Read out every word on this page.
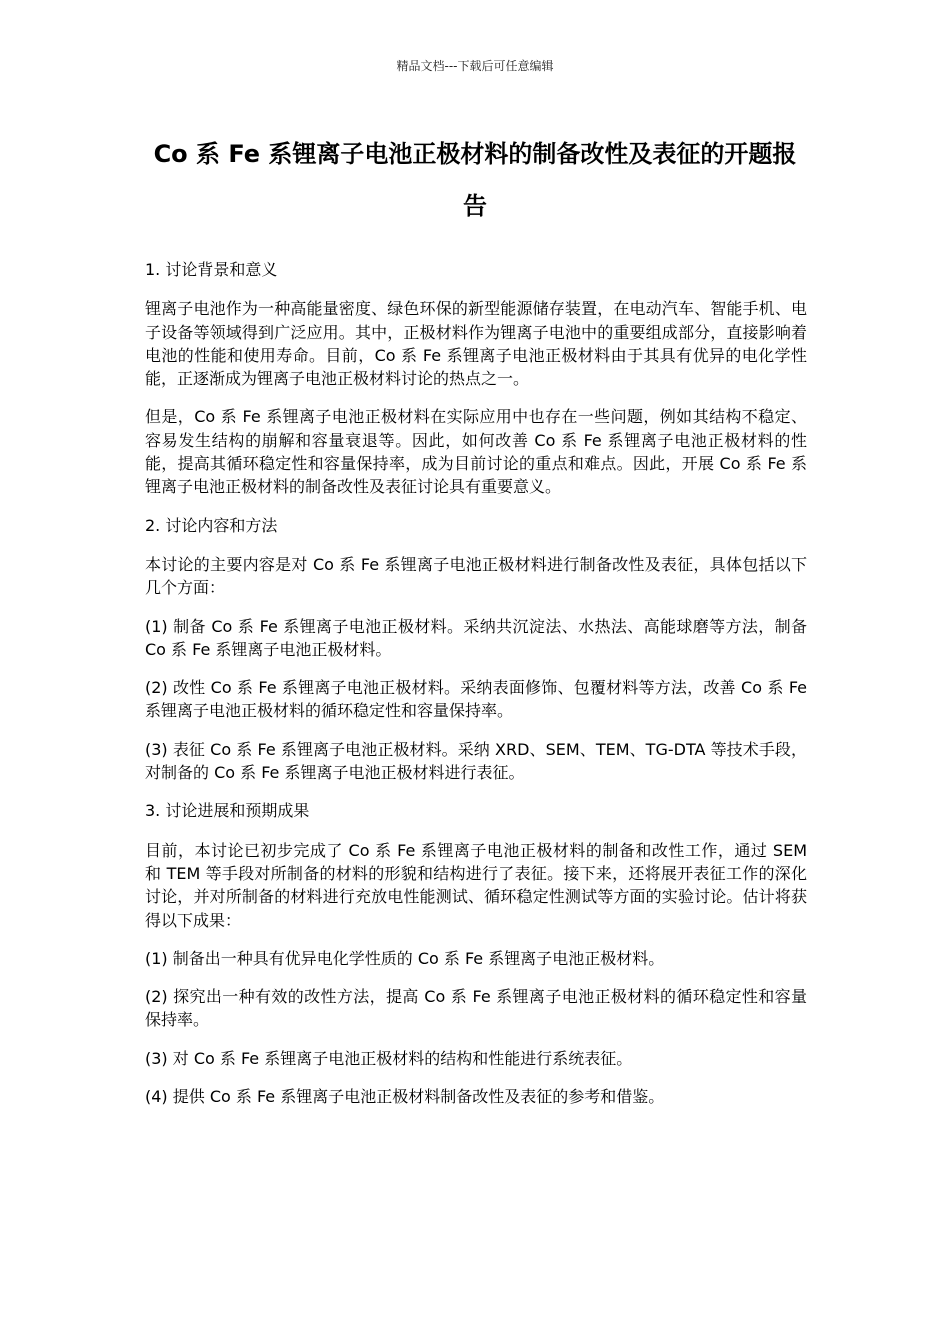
精品文档---下载后可任意编辑
Co 系 Fe 系锂离子电池正极材料的制备改性及表征的开题报告

1. 讨论背景和意义

锂离子电池作为一种高能量密度、绿色环保的新型能源储存装置，在电动汽车、智能手机、电子设备等领域得到广泛应用。其中，正极材料作为锂离子电池中的重要组成部分，直接影响着电池的性能和使用寿命。目前，Co 系 Fe 系锂离子电池正极材料由于其具有优异的电化学性能，正逐渐成为锂离子电池正极材料讨论的热点之一。

但是，Co 系 Fe 系锂离子电池正极材料在实际应用中也存在一些问题，例如其结构不稳定、容易发生结构的崩解和容量衰退等。因此，如何改善 Co 系 Fe 系锂离子电池正极材料的性能，提高其循环稳定性和容量保持率，成为目前讨论的重点和难点。因此，开展 Co 系 Fe 系锂离子电池正极材料的制备改性及表征讨论具有重要意义。

2. 讨论内容和方法

本讨论的主要内容是对 Co 系 Fe 系锂离子电池正极材料进行制备改性及表征，具体包括以下几个方面：

(1) 制备 Co 系 Fe 系锂离子电池正极材料。采纳共沉淀法、水热法、高能球磨等方法，制备 Co 系 Fe 系锂离子电池正极材料。

(2) 改性 Co 系 Fe 系锂离子电池正极材料。采纳表面修饰、包覆材料等方法，改善 Co 系 Fe 系锂离子电池正极材料的循环稳定性和容量保持率。

(3) 表征 Co 系 Fe 系锂离子电池正极材料。采纳 XRD、SEM、TEM、TG-DTA 等技术手段，对制备的 Co 系 Fe 系锂离子电池正极材料进行表征。

3. 讨论进展和预期成果

目前，本讨论已初步完成了 Co 系 Fe 系锂离子电池正极材料的制备和改性工作，通过 SEM 和 TEM 等手段对所制备的材料的形貌和结构进行了表征。接下来，还将展开表征工作的深化讨论，并对所制备的材料进行充放电性能测试、循环稳定性测试等方面的实验讨论。估计将获得以下成果：

(1) 制备出一种具有优异电化学性质的 Co 系 Fe 系锂离子电池正极材料。

(2) 探究出一种有效的改性方法，提高 Co 系 Fe 系锂离子电池正极材料的循环稳定性和容量保持率。

(3) 对 Co 系 Fe 系锂离子电池正极材料的结构和性能进行系统表征。

(4) 提供 Co 系 Fe 系锂离子电池正极材料制备改性及表征的参考和借鉴。
